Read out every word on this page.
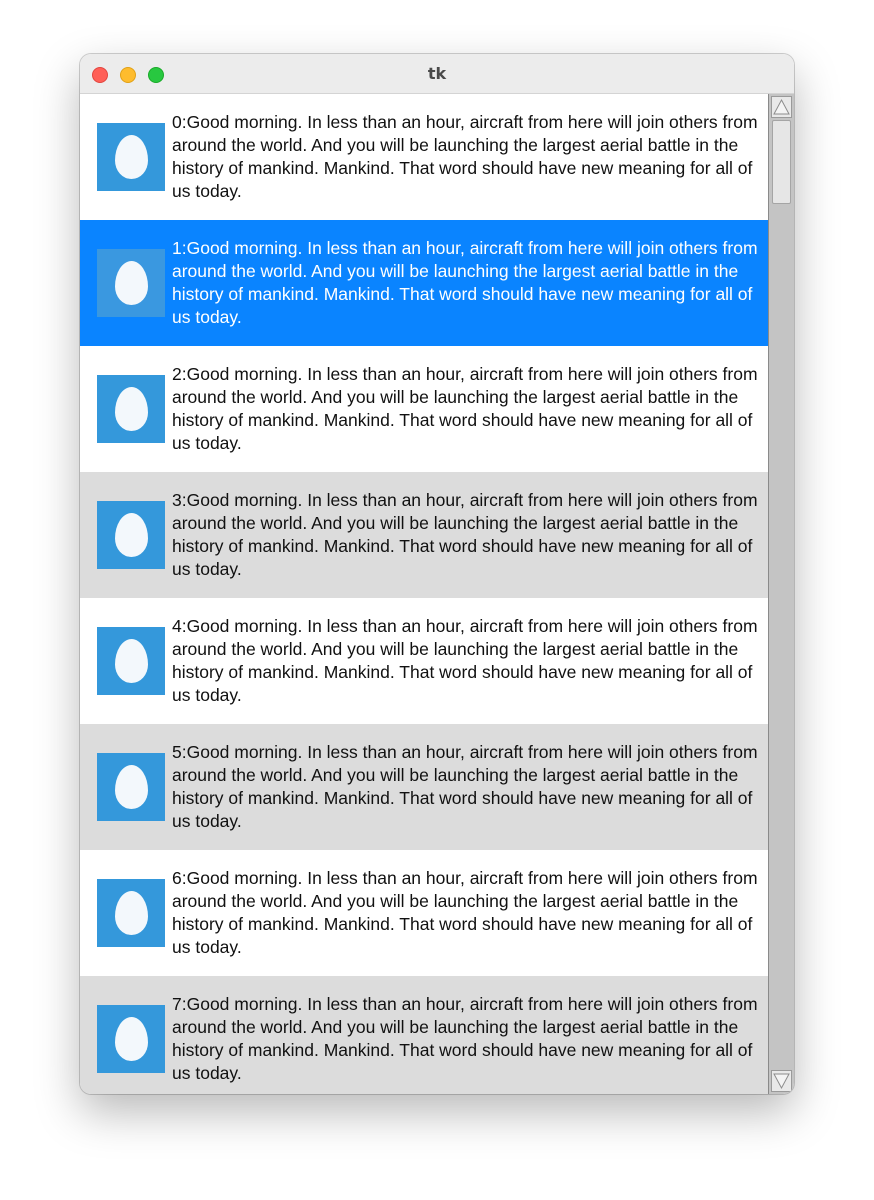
tk
0:Good morning. In less than an hour, aircraft from here will join others from around the world. And you will be launching the largest aerial battle in the history of mankind. Mankind. That word should have new meaning for all of us today.
1:Good morning. In less than an hour, aircraft from here will join others from around the world. And you will be launching the largest aerial battle in the history of mankind. Mankind. That word should have new meaning for all of us today.
2:Good morning. In less than an hour, aircraft from here will join others from around the world. And you will be launching the largest aerial battle in the history of mankind. Mankind. That word should have new meaning for all of us today.
3:Good morning. In less than an hour, aircraft from here will join others from around the world. And you will be launching the largest aerial battle in the history of mankind. Mankind. That word should have new meaning for all of us today.
4:Good morning. In less than an hour, aircraft from here will join others from around the world. And you will be launching the largest aerial battle in the history of mankind. Mankind. That word should have new meaning for all of us today.
5:Good morning. In less than an hour, aircraft from here will join others from around the world. And you will be launching the largest aerial battle in the history of mankind. Mankind. That word should have new meaning for all of us today.
6:Good morning. In less than an hour, aircraft from here will join others from around the world. And you will be launching the largest aerial battle in the history of mankind. Mankind. That word should have new meaning for all of us today.
7:Good morning. In less than an hour, aircraft from here will join others from around the world. And you will be launching the largest aerial battle in the history of mankind. Mankind. That word should have new meaning for all of us today.
